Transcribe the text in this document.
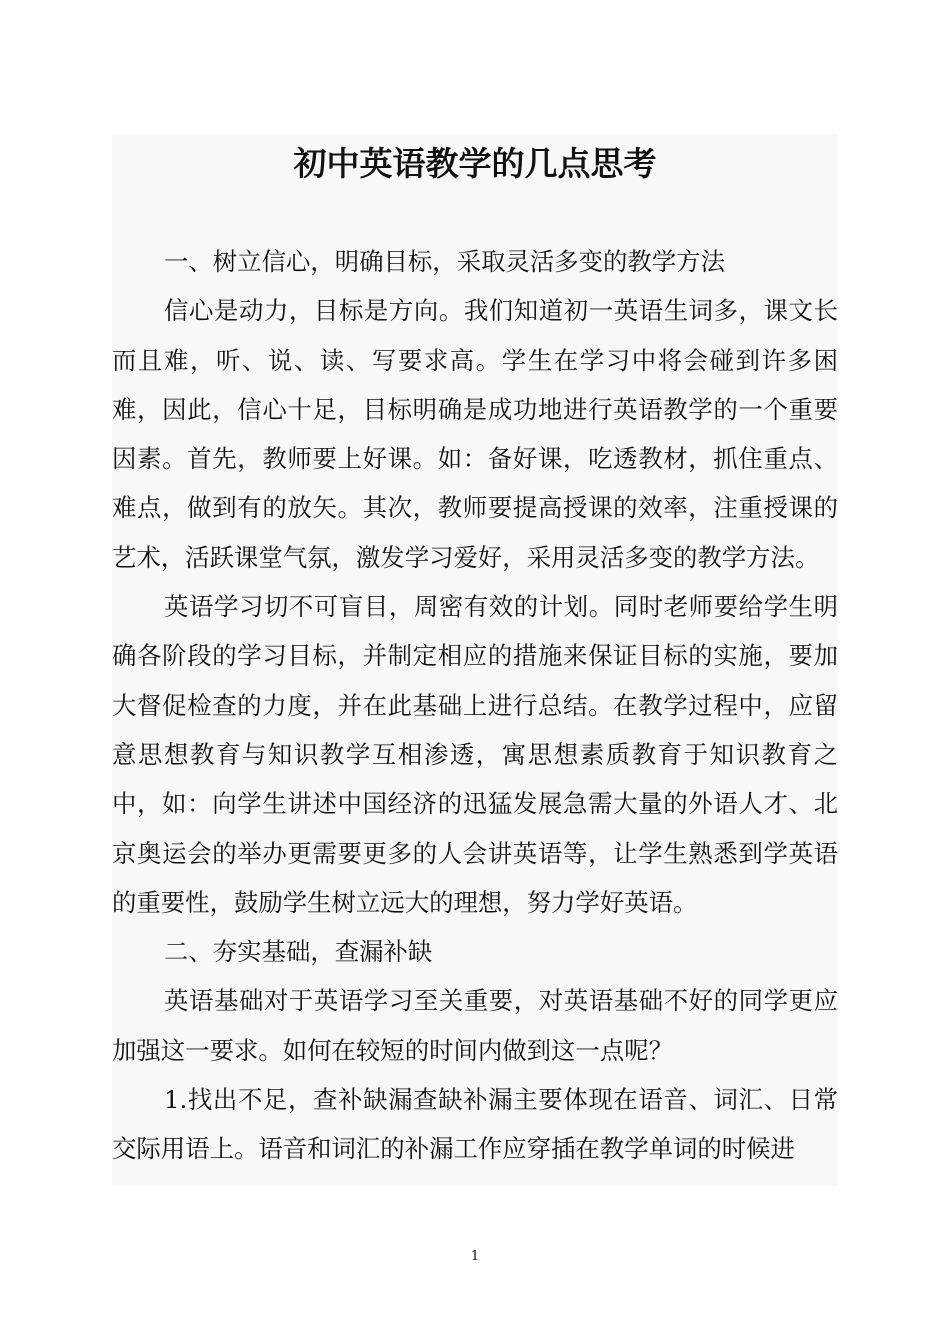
初中英语教学的几点思考

一、树立信心，明确目标，采取灵活多变的教学方法

信心是动力，目标是方向。我们知道初一英语生词多，课文长而且难，听、说、读、写要求高。学生在学习中将会碰到许多困难，因此，信心十足，目标明确是成功地进行英语教学的一个重要因素。首先，教师要上好课。如：备好课，吃透教材，抓住重点、难点，做到有的放矢。其次，教师要提高授课的效率，注重授课的艺术，活跃课堂气氛，激发学习爱好，采用灵活多变的教学方法。

英语学习切不可盲目，周密有效的计划。同时老师要给学生明确各阶段的学习目标，并制定相应的措施来保证目标的实施，要加大督促检查的力度，并在此基础上进行总结。在教学过程中，应留意思想教育与知识教学互相渗透，寓思想素质教育于知识教育之中，如：向学生讲述中国经济的迅猛发展急需大量的外语人才、北京奥运会的举办更需要更多的人会讲英语等，让学生熟悉到学英语的重要性，鼓励学生树立远大的理想，努力学好英语。

二、夯实基础，查漏补缺

英语基础对于英语学习至关重要，对英语基础不好的同学更应加强这一要求。如何在较短的时间内做到这一点呢？

1.找出不足，查补缺漏查缺补漏主要体现在语音、词汇、日常交际用语上。语音和词汇的补漏工作应穿插在教学单词的时候进

1
